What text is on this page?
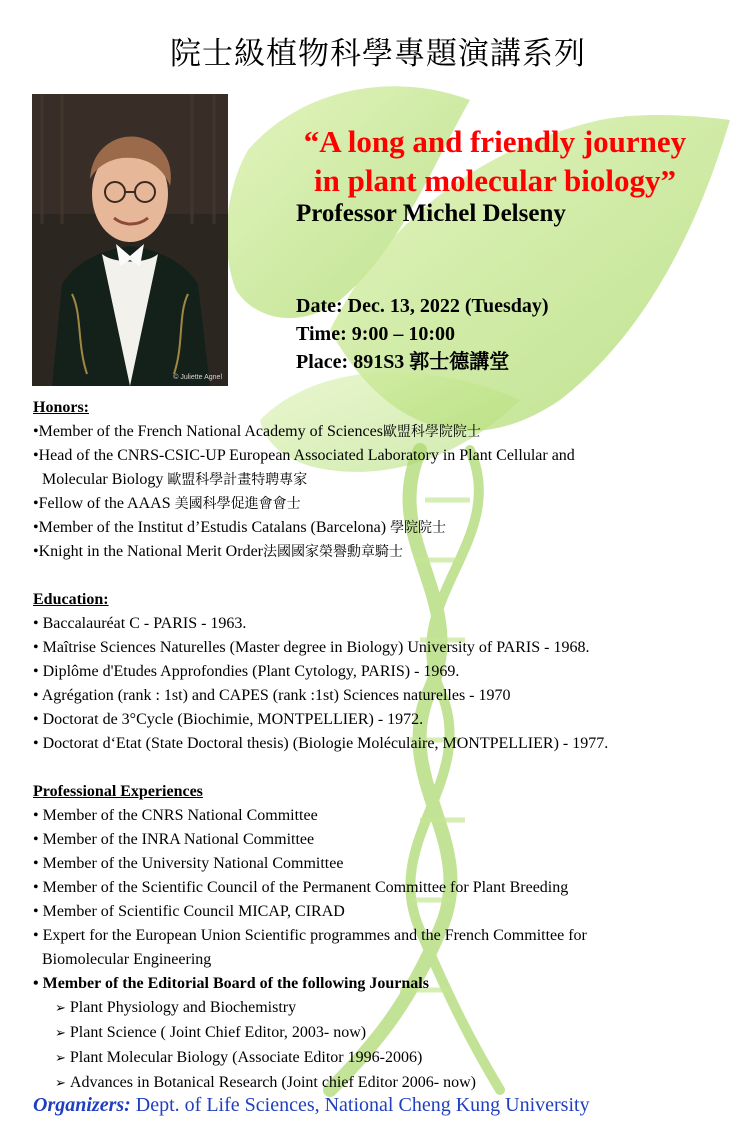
院士級植物科學專題演講系列
© Juliette Agnel
“A long and friendly journey
in plant molecular biology”
Professor Michel Delseny
Date: Dec. 13, 2022 (Tuesday)
Time: 9:00 – 10:00
Place: 891S3 郭士德講堂
Honors:
•Member of the French National Academy of Sciences歐盟科學院院士
•Head of the CNRS-CSIC-UP European Associated Laboratory in Plant Cellular and
Molecular Biology 歐盟科學計畫特聘專家
•Fellow of the AAAS 美國科學促進會會士
•Member of the Institut d’Estudis Catalans (Barcelona) 學院院士
•Knight in the National Merit Order法國國家榮譽勳章騎士
Education:
• Baccalauréat C - PARIS - 1963.
• Maîtrise Sciences Naturelles (Master degree in Biology) University of PARIS - 1968.
• Diplôme d'Etudes Approfondies (Plant Cytology, PARIS) - 1969.
• Agrégation (rank : 1st) and CAPES (rank :1st) Sciences naturelles - 1970
• Doctorat de 3°Cycle (Biochimie, MONTPELLIER) - 1972.
• Doctorat d‘Etat (State Doctoral thesis) (Biologie Moléculaire, MONTPELLIER) - 1977.
Professional Experiences
• Member of the CNRS National Committee
• Member of the INRA National Committee
• Member of the University National Committee
• Member of the Scientific Council of the Permanent Committee for Plant Breeding
• Member of Scientific Council MICAP, CIRAD
• Expert for the European Union Scientific programmes and the French Committee for
Biomolecular Engineering
• Member of the Editorial Board of the following Journals
➢ Plant Physiology and Biochemistry
➢ Plant Science ( Joint Chief Editor, 2003- now)
➢ Plant Molecular Biology (Associate Editor 1996-2006)
➢ Advances in Botanical Research (Joint chief Editor 2006- now)
Organizers: Dept. of Life Sciences, National Cheng Kung University
